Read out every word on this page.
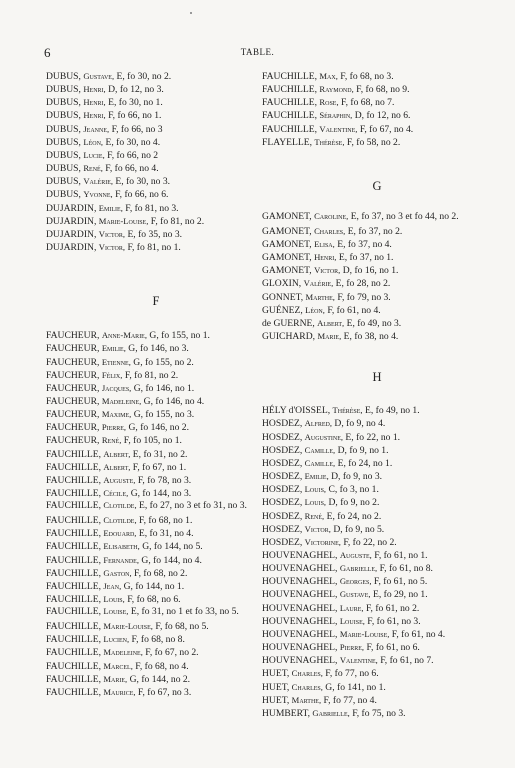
6	TABLE.
DUBUS, Gustave, E, fo 30, no 2.
DUBUS, Henri, D, fo 12, no 3.
DUBUS, Henri, E, fo 30, no 1.
DUBUS, Henri, F, fo 66, no 1.
DUBUS, Jeanne, F, fo 66, no 3
DUBUS, Léon, E, fo 30, no 4.
DUBUS, Lucie, F, fo 66, no 2
DUBUS, René, F, fo 66, no 4.
DUBUS, Valérie, E, fo 30, no 3.
DUBUS, Yvonne, F, fo 66, no 6.
DUJARDIN, Emilie, F, fo 81, no 3.
DUJARDIN, Marie-Louise, F, fo 81, no 2.
DUJARDIN, Victor, E, fo 35, no 3.
DUJARDIN, Victor, F, fo 81, no 1.
F
FAUCHEUR, Anne-Marie, G, fo 155, no 1.
FAUCHEUR, Emilie, G, fo 146, no 3.
FAUCHEUR, Etienne, G, fo 155, no 2.
FAUCHEUR, Félix, F, fo 81, no 2.
FAUCHEUR, Jacques, G, fo 146, no 1.
FAUCHEUR, Madeleine, G, fo 146, no 4.
FAUCHEUR, Maxime, G, fo 155, no 3.
FAUCHEUR, Pierre, G, fo 146, no 2.
FAUCHEUR, René, F, fo 105, no 1.
FAUCHILLE, Albert, E, fo 31, no 2.
FAUCHILLE, Albert, F, fo 67, no 1.
FAUCHILLE, Auguste, F, fo 78, no 3.
FAUCHILLE, Cécile, G, fo 144, no 3.
FAUCHILLE, Clotilde, E, fo 27, no 3 et fo 31, no 3.
FAUCHILLE, Clotilde, F, fo 68, no 1.
FAUCHILLE, Edouard, E, fo 31, no 4.
FAUCHILLE, Elisabeth, G, fo 144, no 5.
FAUCHILLE, Fernande, G, fo 144, no 4.
FAUCHILLE, Gaston, F, fo 68, no 2.
FAUCHILLE, Jean, G, fo 144, no 1.
FAUCHILLE, Louis, F, fo 68, no 6.
FAUCHILLE, Louise, E, fo 31, no 1 et fo 33, no 5.
FAUCHILLE, Marie-Louise, F, fo 68, no 5.
FAUCHILLE, Lucien, F, fo 68, no 8.
FAUCHILLE, Madeleine, F, fo 67, no 2.
FAUCHILLE, Marcel, F, fo 68, no 4.
FAUCHILLE, Marie, G, fo 144, no 2.
FAUCHILLE, Maurice, F, fo 67, no 3.
FAUCHILLE, Max, F, fo 68, no 3.
FAUCHILLE, Raymond, F, fo 68, no 9.
FAUCHILLE, Rose, F, fo 68, no 7.
FAUCHILLE, Séraphin, D, fo 12, no 6.
FAUCHILLE, Valentine, F, fo 67, no 4.
FLAYELLE, Thérèse, F, fo 58, no 2.
G
GAMONET, Caroline, E, fo 37, no 3 et fo 44, no 2.
GAMONET, Charles, E, fo 37, no 2.
GAMONET, Elisa, E, fo 37, no 4.
GAMONET, Henri, E, fo 37, no 1.
GAMONET, Victor, D, fo 16, no 1.
GLOXIN, Valérie, E, fo 28, no 2.
GONNET, Marthe, F, fo 79, no 3.
GUÉNEZ, Léon, F, fo 61, no 4.
de GUERNE, Albert, E, fo 49, no 3.
GUICHARD, Marie, E, fo 38, no 4.
H
HÉLY d'OISSEL, Thérèse, E, fo 49, no 1.
HOSDEZ, Alfred, D, fo 9, no 4.
HOSDEZ, Augustine, E, fo 22, no 1.
HOSDEZ, Camille, D, fo 9, no 1.
HOSDEZ, Camille, E, fo 24, no 1.
HOSDEZ, Emilie, D, fo 9, no 3.
HOSDEZ, Louis, C, fo 3, no 1.
HOSDEZ, Louis, D, fo 9, no 2.
HOSDEZ, René, E, fo 24, no 2.
HOSDEZ, Victor, D, fo 9, no 5.
HOSDEZ, Victorine, F, fo 22, no 2.
HOUVENAGHEL, Auguste, F, fo 61, no 1.
HOUVENAGHEL, Gabrielle, F, fo 61, no 8.
HOUVENAGHEL, Georges, F, fo 61, no 5.
HOUVENAGHEL, Gustave, E, fo 29, no 1.
HOUVENAGHEL, Laure, F, fo 61, no 2.
HOUVENAGHEL, Louise, F, fo 61, no 3.
HOUVENAGHEL, Marie-Louise, F, fo 61, no 4.
HOUVENAGHEL, Pierre, F, fo 61, no 6.
HOUVENAGHEL, Valentine, F, fo 61, no 7.
HUET, Charles, F, fo 77, no 6.
HUET, Charles, G, fo 141, no 1.
HUET, Marthe, F, fo 77, no 4.
HUMBERT, Gabrielle, F, fo 75, no 3.
